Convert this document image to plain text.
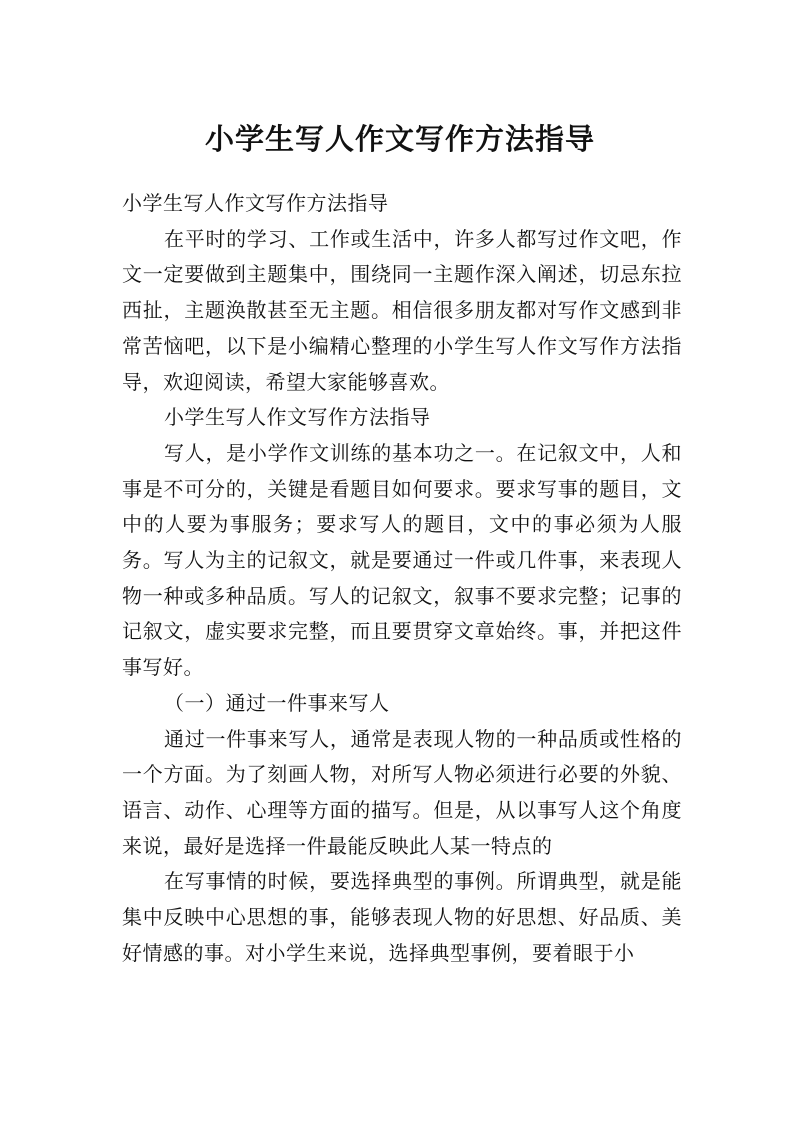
小学生写人作文写作方法指导

小学生写人作文写作方法指导

在平时的学习、工作或生活中，许多人都写过作文吧，作文一定要做到主题集中，围绕同一主题作深入阐述，切忌东拉西扯，主题涣散甚至无主题。相信很多朋友都对写作文感到非常苦恼吧，以下是小编精心整理的小学生写人作文写作方法指导，欢迎阅读，希望大家能够喜欢。

小学生写人作文写作方法指导

写人，是小学作文训练的基本功之一。在记叙文中，人和事是不可分的，关键是看题目如何要求。要求写事的题目，文中的人要为事服务；要求写人的题目，文中的事必须为人服务。写人为主的记叙文，就是要通过一件或几件事，来表现人物一种或多种品质。写人的记叙文，叙事不要求完整；记事的记叙文，虚实要求完整，而且要贯穿文章始终。事，并把这件事写好。

（一）通过一件事来写人

通过一件事来写人，通常是表现人物的一种品质或性格的一个方面。为了刻画人物，对所写人物必须进行必要的外貌、语言、动作、心理等方面的描写。但是，从以事写人这个角度来说，最好是选择一件最能反映此人某一特点的

在写事情的时候，要选择典型的事例。所谓典型，就是能集中反映中心思想的事，能够表现人物的好思想、好品质、美好情感的事。对小学生来说，选择典型事例，要着眼于小
